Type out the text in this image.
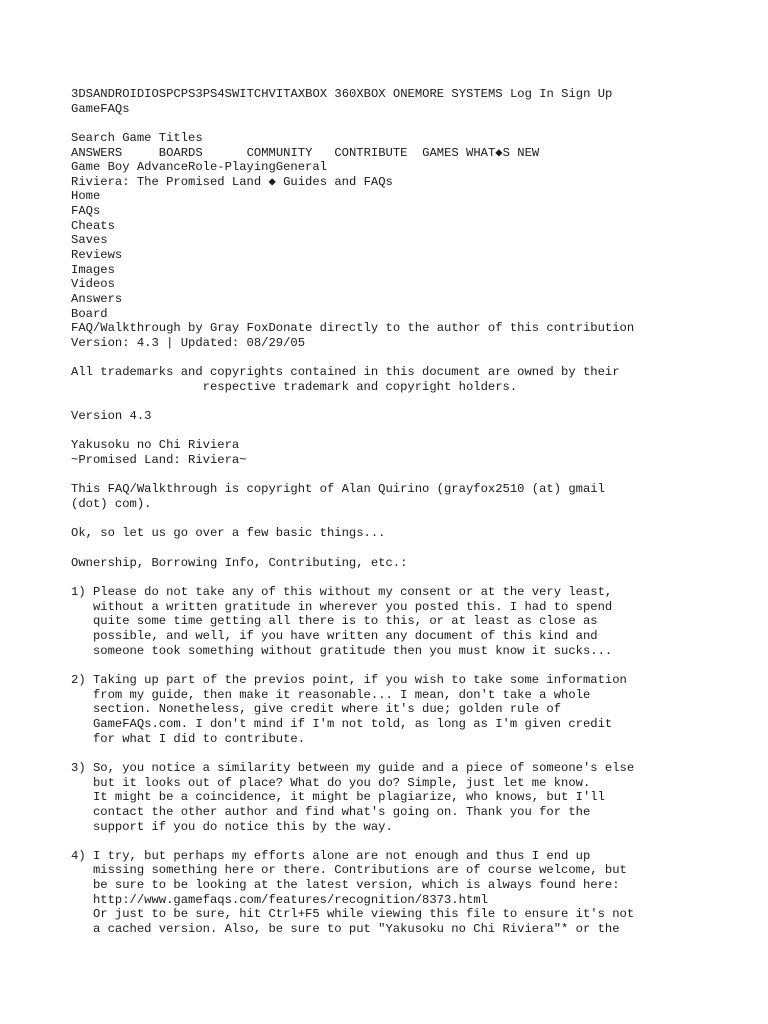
3DSANDROIDIOSPCPS3PS4SWITCHVITAXBOX 360XBOX ONEMORE SYSTEMS Log In Sign Up
GameFAQs
Search Game Titles
ANSWERS	BOARDS	COMMUNITY CONTRIBUTE GAMES WHAT◆S NEW
Game Boy AdvanceRole-PlayingGeneral
Riviera: The Promised Land ◆ Guides and FAQs
Home
FAQs
Cheats
Saves
Reviews
Images
Videos
Answers
Board
FAQ/Walkthrough by Gray FoxDonate directly to the author of this contribution
Version: 4.3 | Updated: 08/29/05
All trademarks and copyrights contained in this document are owned by their
respective trademark and copyright holders.

Version 4.3

Yakusoku no Chi Riviera
~Promised Land: Riviera~

This FAQ/Walkthrough is copyright of Alan Quirino (grayfox2510 (at) gmail
(dot) com).

Ok, so let us go over a few basic things...

Ownership, Borrowing Info, Contributing, etc.:

1) Please do not take any of this without my consent or at the very least,
without a written gratitude in wherever you posted this. I had to spend
quite some time getting all there is to this, or at least as close as
possible, and well, if you have written any document of this kind and
someone took something without gratitude then you must know it sucks...

2) Taking up part of the previos point, if you wish to take some information
from my guide, then make it reasonable... I mean, don't take a whole
section. Nonetheless, give credit where it's due; golden rule of
GameFAQs.com. I don't mind if I'm not told, as long as I'm given credit
for what I did to contribute.

3) So, you notice a similarity between my guide and a piece of someone's else
but it looks out of place? What do you do? Simple, just let me know.
It might be a coincidence, it might be plagiarize, who knows, but I'll
contact the other author and find what's going on. Thank you for the
support if you do notice this by the way.

4) I try, but perhaps my efforts alone are not enough and thus I end up
missing something here or there. Contributions are of course welcome, but
be sure to be looking at the latest version, which is always found here:
http://www.gamefaqs.com/features/recognition/8373.html
Or just to be sure, hit Ctrl+F5 while viewing this file to ensure it's not
a cached version. Also, be sure to put "Yakusoku no Chi Riviera"* or the
